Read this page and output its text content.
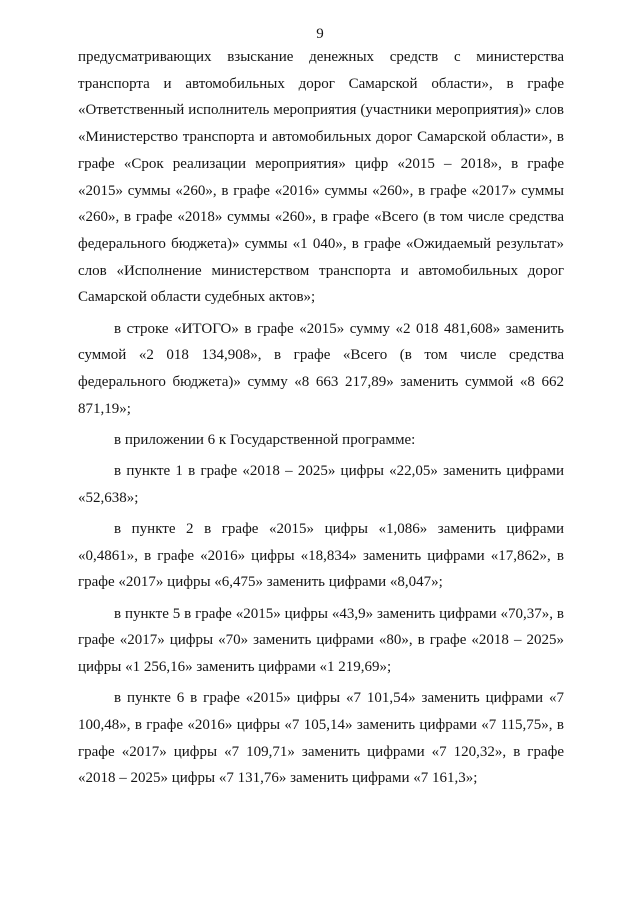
9

предусматривающих взыскание денежных средств с министерства транспорта и автомобильных дорог Самарской области», в графе «Ответственный исполнитель мероприятия (участники мероприятия)» слов «Министерство транспорта и автомобильных дорог Самарской области», в графе «Срок реализации мероприятия» цифр «2015 – 2018», в графе «2015» суммы «260», в графе «2016» суммы «260», в графе «2017» суммы «260», в графе «2018» суммы «260», в графе «Всего (в том числе средства федерального бюджета)» суммы «1 040», в графе «Ожидаемый результат» слов «Исполнение министерством транспорта и автомобильных дорог Самарской области судебных актов»;

в строке «ИТОГО» в графе «2015» сумму «2 018 481,608» заменить суммой «2 018 134,908», в графе «Всего (в том числе средства федерального бюджета)» сумму «8 663 217,89» заменить суммой «8 662 871,19»;

в приложении 6 к Государственной программе:

в пункте 1 в графе «2018 – 2025» цифры «22,05» заменить цифрами «52,638»;

в пункте 2 в графе «2015» цифры «1,086» заменить цифрами «0,4861», в графе «2016» цифры «18,834» заменить цифрами «17,862», в графе «2017» цифры «6,475» заменить цифрами «8,047»;

в пункте 5 в графе «2015» цифры «43,9» заменить цифрами «70,37», в графе «2017» цифры «70» заменить цифрами «80», в графе «2018 – 2025» цифры «1 256,16» заменить цифрами «1 219,69»;

в пункте 6 в графе «2015» цифры «7 101,54» заменить цифрами «7 100,48», в графе «2016» цифры «7 105,14» заменить цифрами «7 115,75», в графе «2017» цифры «7 109,71» заменить цифрами «7 120,32», в графе «2018 – 2025» цифры «7 131,76» заменить цифрами «7 161,3»;
